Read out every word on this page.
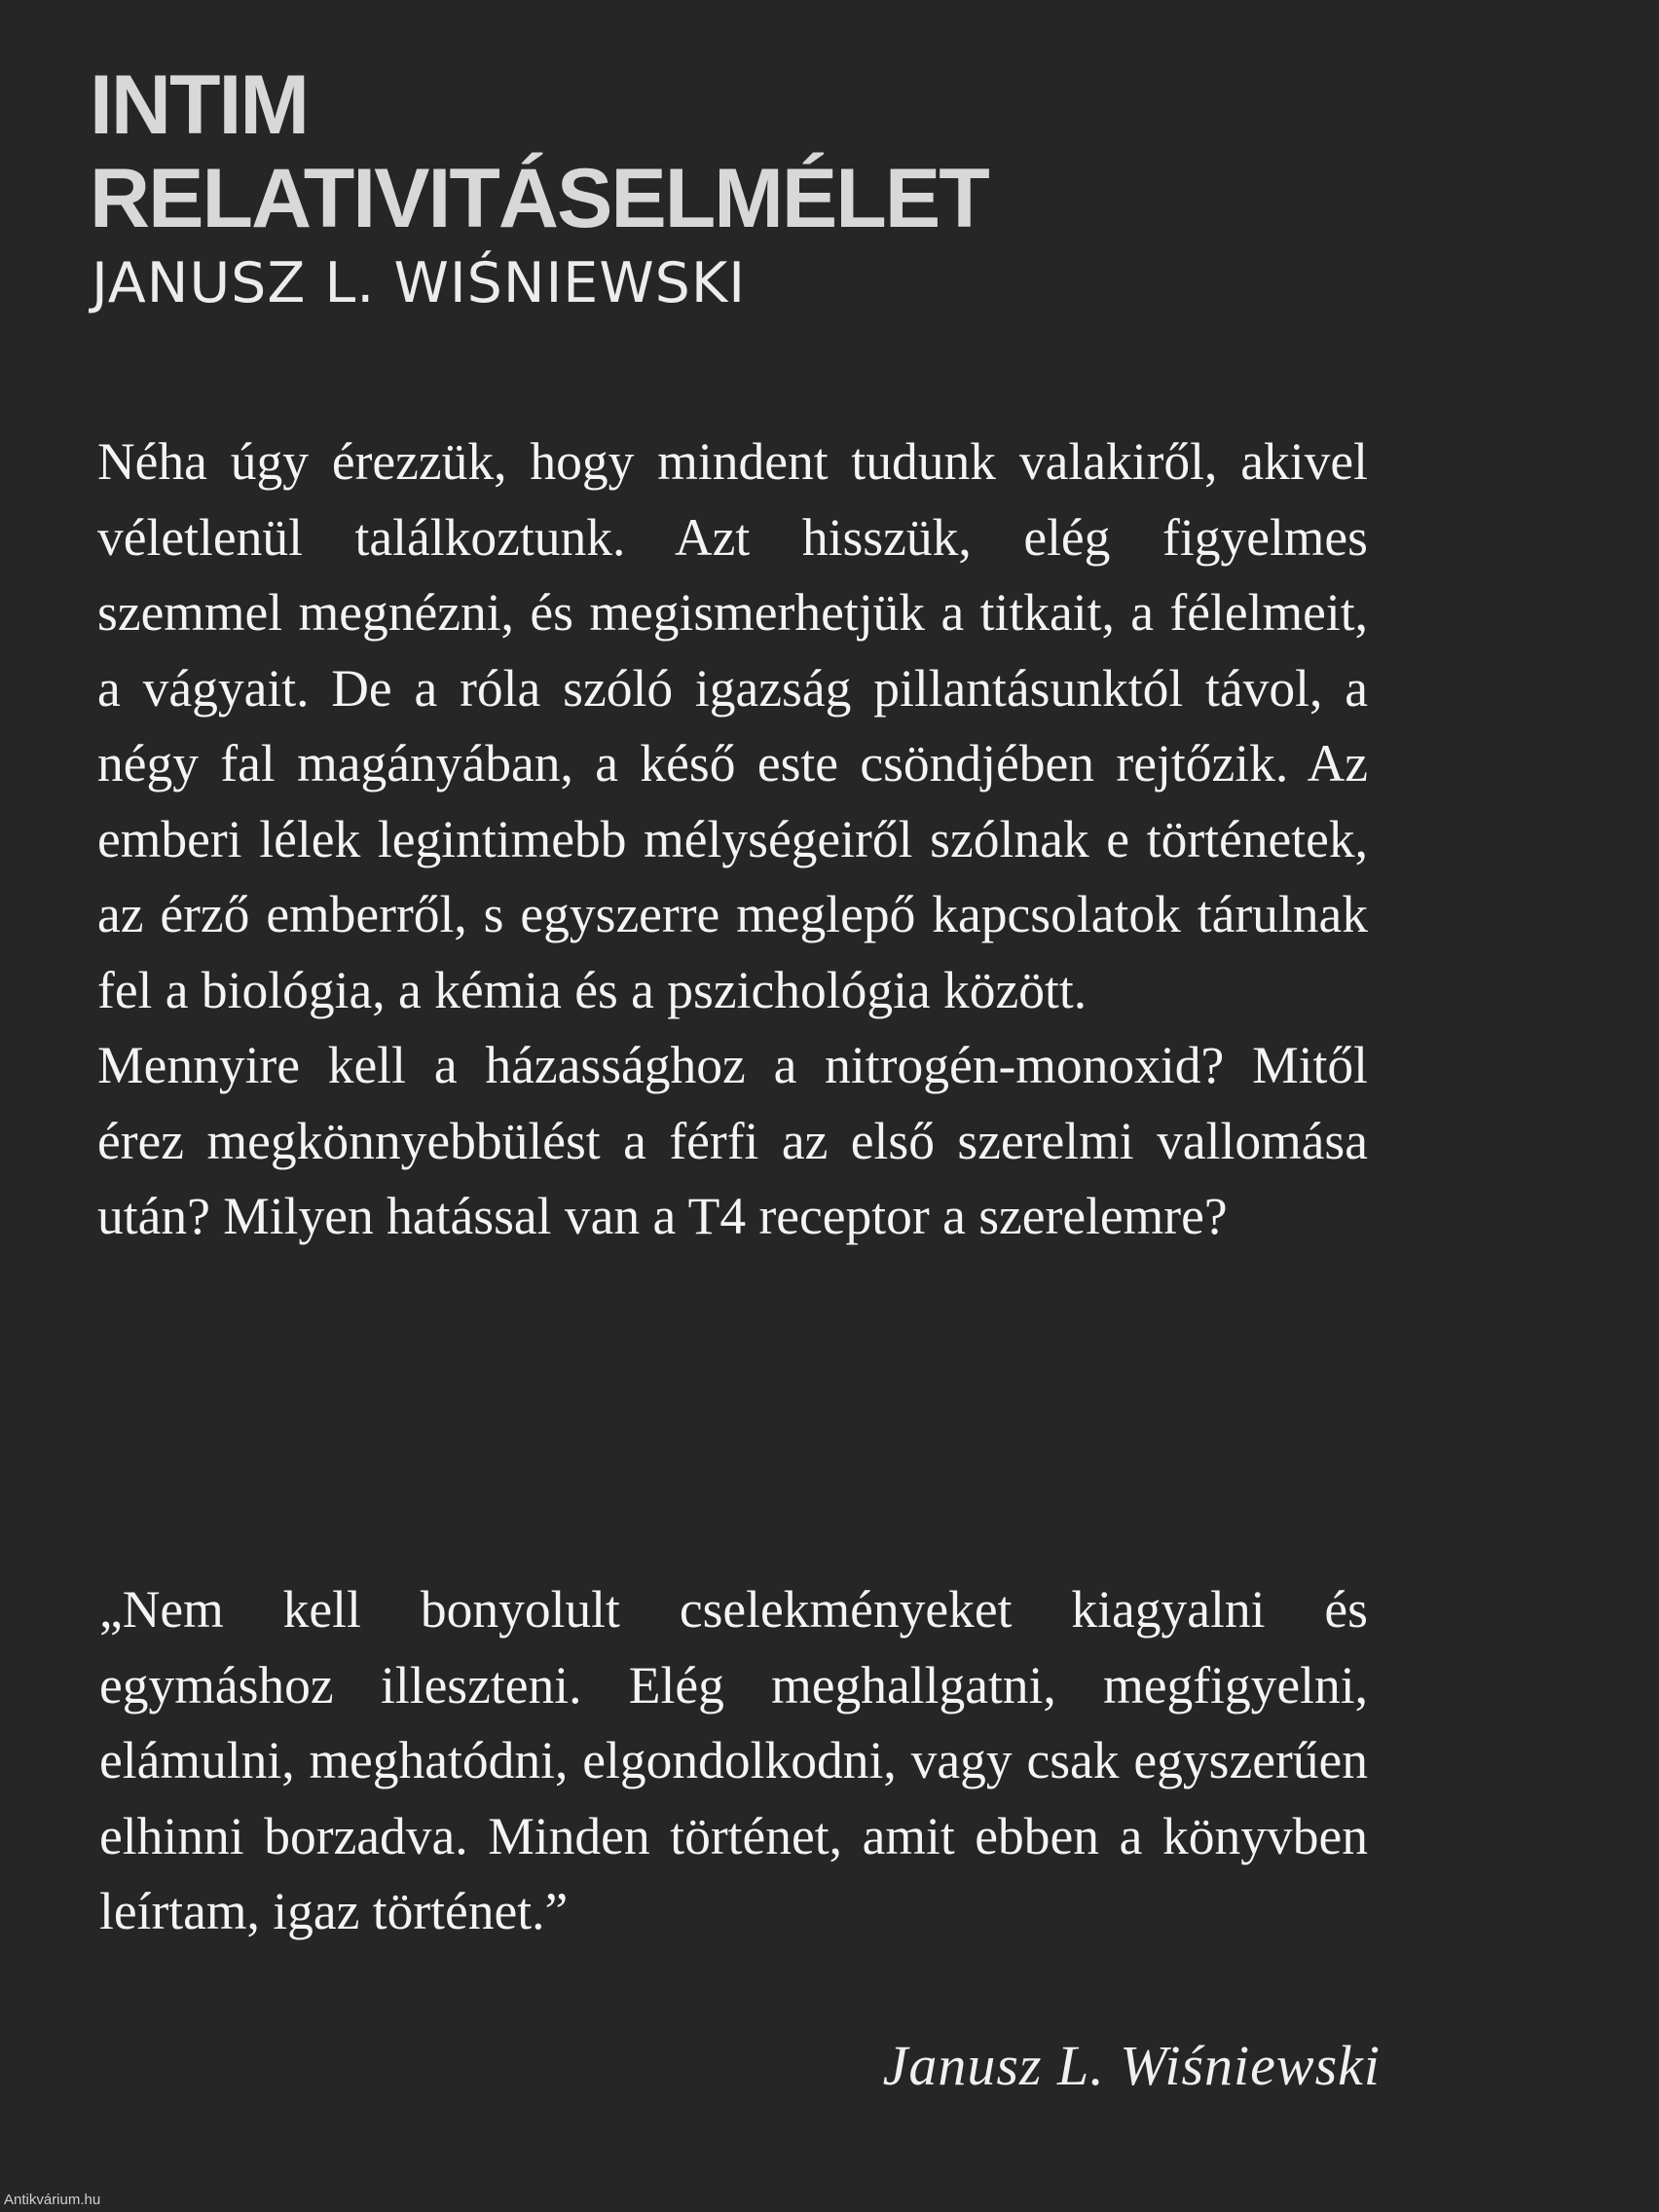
INTIM
RELATIVITÁSELMÉLET
JANUSZ L. WIŚNIEWSKI

Néha úgy érezzük, hogy mindent tudunk valakiről, akivel véletlenül találkoztunk. Azt hisszük, elég figyelmes szemmel megnézni, és megismerhetjük a titkait, a félelmeit, a vágyait. De a róla szóló igazság pillantásunktól távol, a négy fal magányában, a késő este csöndjében rejtőzik. Az emberi lélek legintimebb mélységeiről szólnak e történetek, az érző emberről, s egyszerre meglepő kapcsolatok tárulnak fel a biológia, a kémia és a pszichológia között.

Mennyire kell a házassághoz a nitrogén-monoxid? Mitől érez megkönnyebbülést a férfi az első szerelmi vallomása után? Milyen hatással van a T4 receptor a szerelemre?

„Nem kell bonyolult cselekményeket kiagyalni és egymáshoz illeszteni. Elég meghallgatni, megfigyelni, elámulni, meghatódni, elgondolkodni, vagy csak egyszerűen elhinni borzadva. Minden történet, amit ebben a könyvben leírtam, igaz történet.”

Janusz L. Wiśniewski
Antikvárium.hu
